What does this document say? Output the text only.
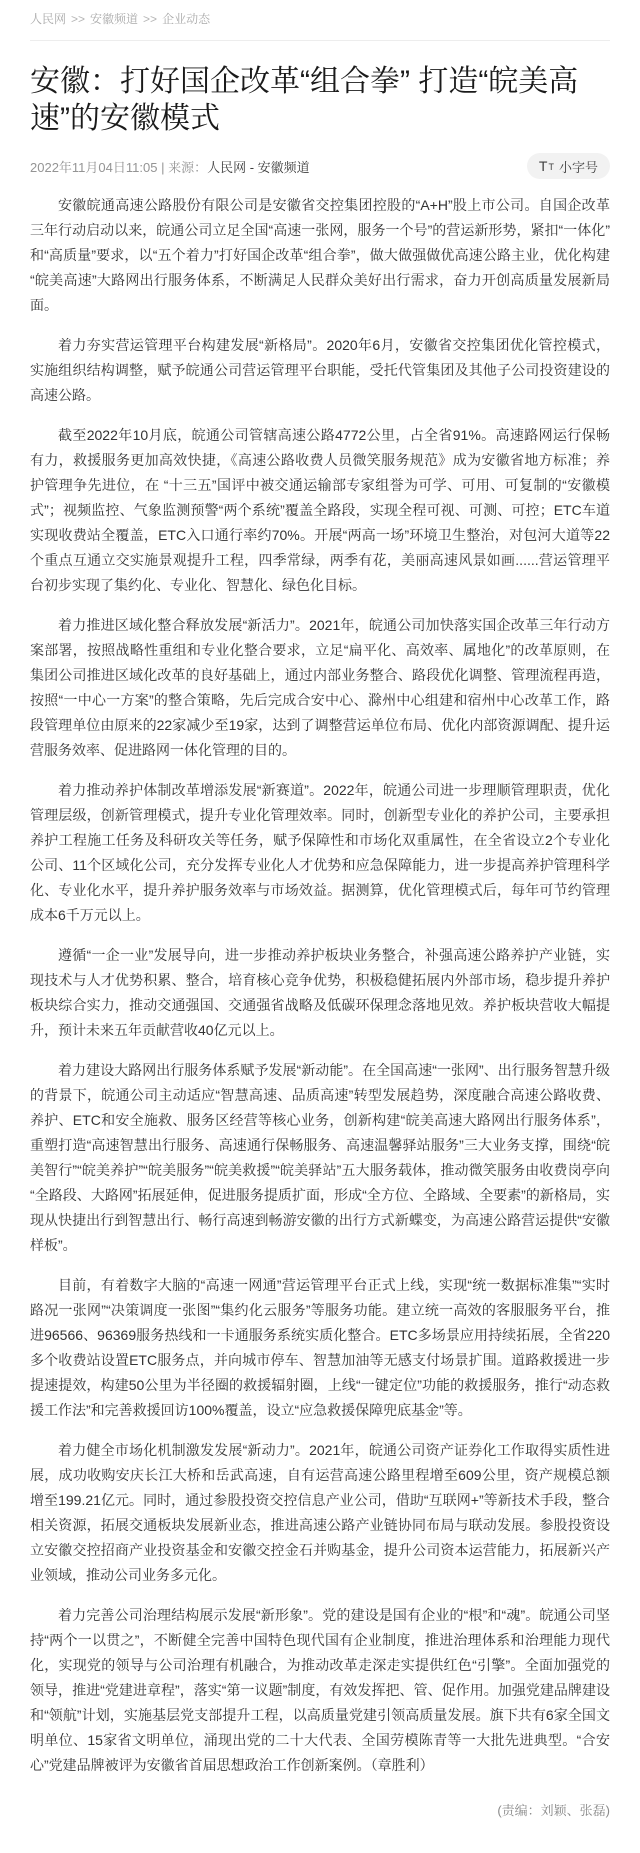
人民网 >> 安徽频道 >> 企业动态
安徽：打好国企改革“组合拳” 打造“皖美高速”的安徽模式
2022年11月04日11:05 | 来源：人民网 - 安徽频道	T T 小字号

安徽皖通高速公路股份有限公司是安徽省交控集团控股的“A+H”股上市公司。自国企改革三年行动启动以来，皖通公司立足全国“高速一张网，服务一个号”的营运新形势，紧扣“一体化”和“高质量”要求，以“五个着力”打好国企改革“组合拳”，做大做强做优高速公路主业，优化构建“皖美高速”大路网出行服务体系，不断满足人民群众美好出行需求，奋力开创高质量发展新局面。

着力夯实营运管理平台构建发展“新格局”。2020年6月，安徽省交控集团优化管控模式，实施组织结构调整，赋予皖通公司营运管理平台职能，受托代管集团及其他子公司投资建设的高速公路。

截至2022年10月底，皖通公司管辖高速公路4772公里，占全省91%。高速路网运行保畅有力，救援服务更加高效快捷，《高速公路收费人员微笑服务规范》成为安徽省地方标准；养护管理争先进位，在 “十三五”国评中被交通运输部专家组誉为可学、可用、可复制的“安徽模式”；视频监控、气象监测预警“两个系统”覆盖全路段，实现全程可视、可测、可控；ETC车道实现收费站全覆盖，ETC入口通行率约70%。开展“两高一场”环境卫生整治，对包河大道等22个重点互通立交实施景观提升工程，四季常绿，两季有花，美丽高速风景如画......营运管理平台初步实现了集约化、专业化、智慧化、绿色化目标。

着力推进区域化整合释放发展“新活力”。2021年，皖通公司加快落实国企改革三年行动方案部署，按照战略性重组和专业化整合要求，立足“扁平化、高效率、属地化”的改革原则，在集团公司推进区域化改革的良好基础上，通过内部业务整合、路段优化调整、管理流程再造，按照“一中心一方案”的整合策略，先后完成合安中心、滁州中心组建和宿州中心改革工作，路段管理单位由原来的22家减少至19家，达到了调整营运单位布局、优化内部资源调配、提升运营服务效率、促进路网一体化管理的目的。

着力推动养护体制改革增添发展“新赛道”。2022年，皖通公司进一步理顺管理职责，优化管理层级，创新管理模式，提升专业化管理效率。同时，创新型专业化的养护公司，主要承担养护工程施工任务及科研攻关等任务，赋予保障性和市场化双重属性，在全省设立2个专业化公司、11个区域化公司，充分发挥专业化人才优势和应急保障能力，进一步提高养护管理科学化、专业化水平，提升养护服务效率与市场效益。据测算，优化管理模式后，每年可节约管理成本6千万元以上。

遵循“一企一业”发展导向，进一步推动养护板块业务整合，补强高速公路养护产业链，实现技术与人才优势积累、整合，培育核心竞争优势，积极稳健拓展内外部市场，稳步提升养护板块综合实力，推动交通强国、交通强省战略及低碳环保理念落地见效。养护板块营收大幅提升，预计未来五年贡献营收40亿元以上。

着力建设大路网出行服务体系赋予发展“新动能”。在全国高速“一张网”、出行服务智慧升级的背景下，皖通公司主动适应“智慧高速、品质高速”转型发展趋势，深度融合高速公路收费、养护、ETC和安全施救、服务区经营等核心业务，创新构建“皖美高速大路网出行服务体系”，重塑打造“高速智慧出行服务、高速通行保畅服务、高速温馨驿站服务”三大业务支撑，围绕“皖美智行”“皖美养护”“皖美服务”“皖美救援”“皖美驿站”五大服务载体，推动微笑服务由收费岗亭向“全路段、大路网”拓展延伸，促进服务提质扩面，形成“全方位、全路域、全要素”的新格局，实现从快捷出行到智慧出行、畅行高速到畅游安徽的出行方式新蝶变，为高速公路营运提供“安徽样板”。

目前，有着数字大脑的“高速一网通”营运管理平台正式上线，实现“统一数据标准集”“实时路况一张网”“决策调度一张图”“集约化云服务”等服务功能。建立统一高效的客服服务平台，推进96566、96369服务热线和一卡通服务系统实质化整合。ETC多场景应用持续拓展，全省220多个收费站设置ETC服务点，并向城市停车、智慧加油等无感支付场景扩围。道路救援进一步提速提效，构建50公里为半径圈的救援辐射圈，上线“一键定位”功能的救援服务，推行“动态救援工作法”和完善救援回访100%覆盖，设立“应急救援保障兜底基金”等。

着力健全市场化机制激发发展“新动力”。2021年，皖通公司资产证券化工作取得实质性进展，成功收购安庆长江大桥和岳武高速，自有运营高速公路里程增至609公里，资产规模总额增至199.21亿元。同时，通过参股投资交控信息产业公司，借助“互联网+”等新技术手段，整合相关资源，拓展交通板块发展新业态，推进高速公路产业链协同布局与联动发展。参股投资设立安徽交控招商产业投资基金和安徽交控金石并购基金，提升公司资本运营能力，拓展新兴产业领域，推动公司业务多元化。

着力完善公司治理结构展示发展“新形象”。党的建设是国有企业的“根”和“魂”。皖通公司坚持“两个一以贯之”，不断健全完善中国特色现代国有企业制度，推进治理体系和治理能力现代化，实现党的领导与公司治理有机融合，为推动改革走深走实提供红色“引擎”。全面加强党的领导，推进“党建进章程”，落实“第一议题”制度，有效发挥把、管、促作用。加强党建品牌建设和“领航”计划，实施基层党支部提升工程，以高质量党建引领高质量发展。旗下共有6家全国文明单位、15家省文明单位，涌现出党的二十大代表、全国劳模陈青等一大批先进典型。“合安心”党建品牌被评为安徽省首届思想政治工作创新案例。（章胜利）

(责编：刘颖、张磊)
